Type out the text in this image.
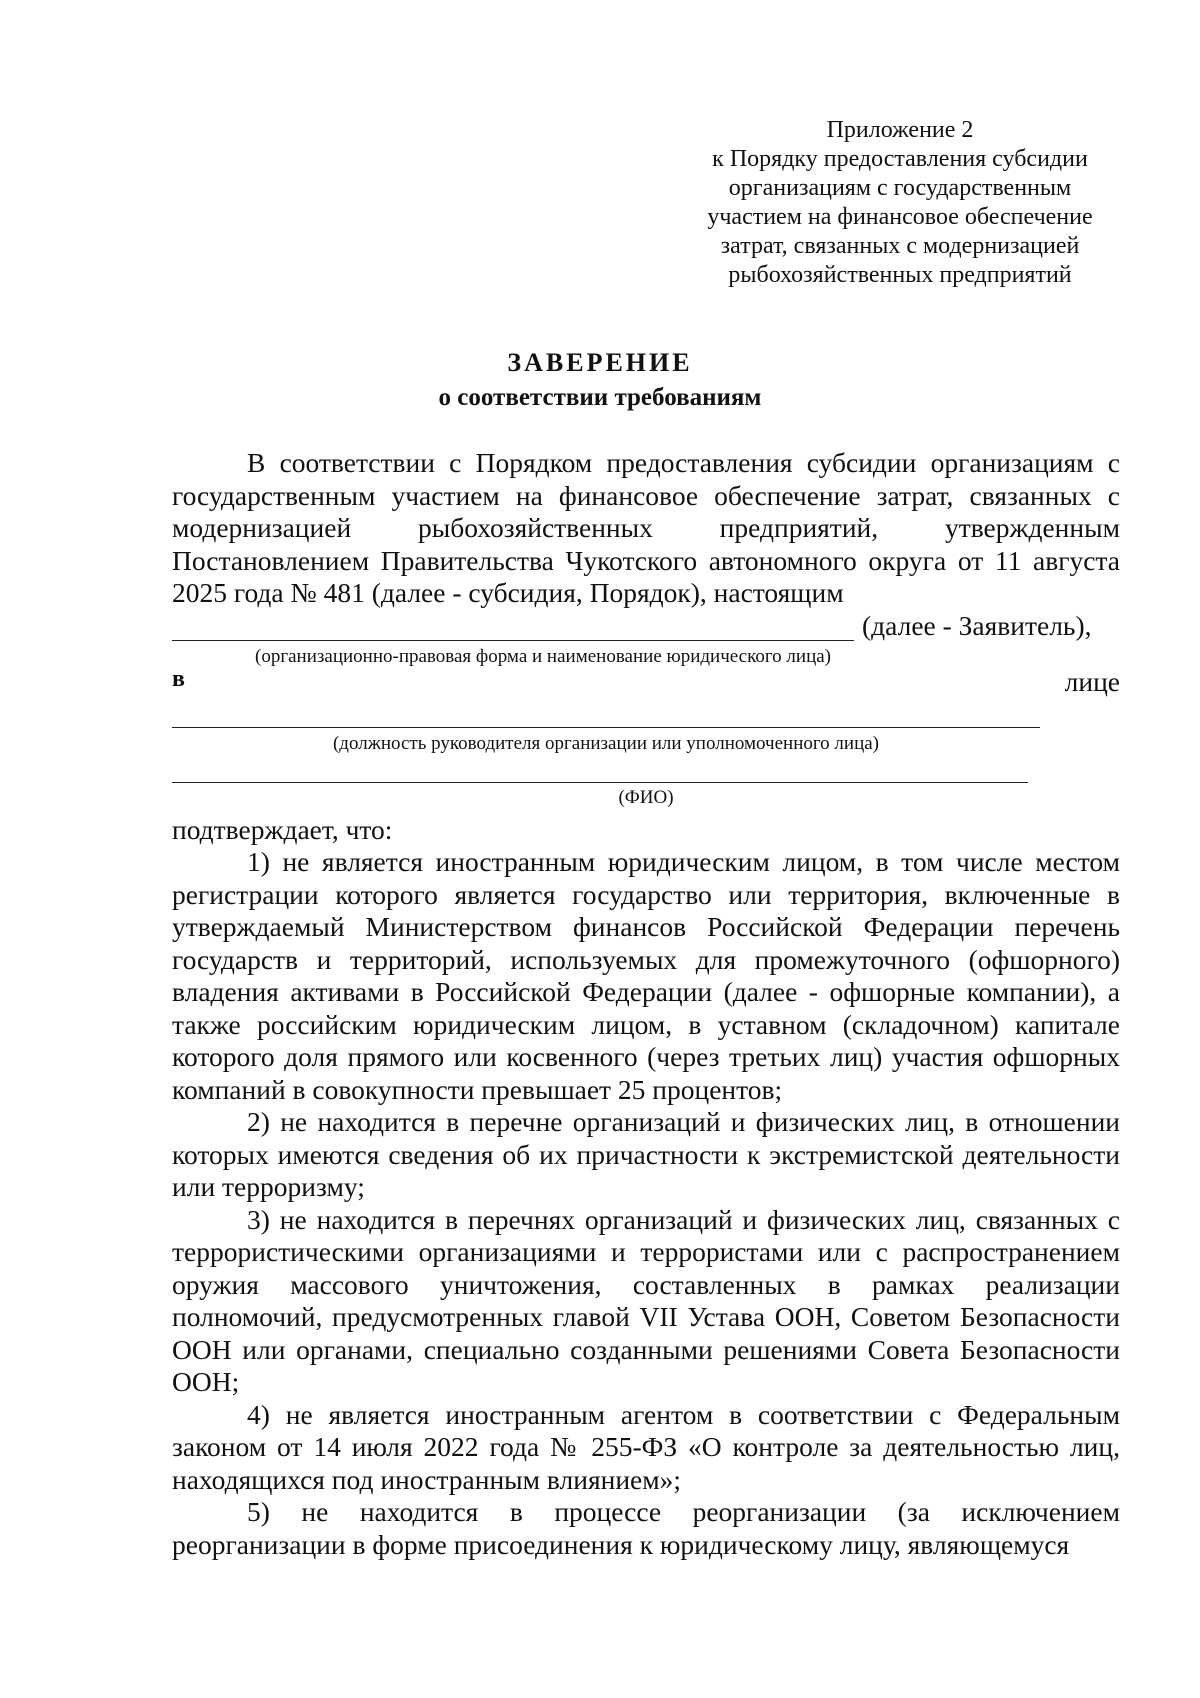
Приложение 2
к Порядку предоставления субсидии
организациям с государственным
участием на финансовое обеспечение
затрат, связанных с модернизацией
рыбохозяйственных предприятий
ЗАВЕРЕНИЕ
о соответствии требованиям
В соответствии с Порядком предоставления субсидии организациям с государственным участием на финансовое обеспечение затрат, связанных с модернизацией рыбохозяйственных предприятий, утвержденным Постановлением Правительства Чукотского автономного округа от 11 августа 2025 года № 481 (далее - субсидия, Порядок), настоящим
(далее - Заявитель),
(организационно-правовая форма и наименование юридического лица)
в	лице
(должность руководителя организации или уполномоченного лица)
(ФИО)
подтверждает, что:

1) не является иностранным юридическим лицом, в том числе местом регистрации которого является государство или территория, включенные в утверждаемый Министерством финансов Российской Федерации перечень государств и территорий, используемых для промежуточного (офшорного) владения активами в Российской Федерации (далее - офшорные компании), а также российским юридическим лицом, в уставном (складочном) капитале которого доля прямого или косвенного (через третьих лиц) участия офшорных компаний в совокупности превышает 25 процентов;

2) не находится в перечне организаций и физических лиц, в отношении которых имеются сведения об их причастности к экстремистской деятельности или терроризму;

3) не находится в перечнях организаций и физических лиц, связанных с террористическими организациями и террористами или с распространением оружия массового уничтожения, составленных в рамках реализации полномочий, предусмотренных главой VII Устава ООН, Советом Безопасности ООН или органами, специально созданными решениями Совета Безопасности ООН;

4) не является иностранным агентом в соответствии с Федеральным законом от 14 июля 2022 года № 255-ФЗ «О контроле за деятельностью лиц, находящихся под иностранным влиянием»;

5) не находится в процессе реорганизации (за исключением реорганизации в форме присоединения к юридическому лицу, являющемуся
